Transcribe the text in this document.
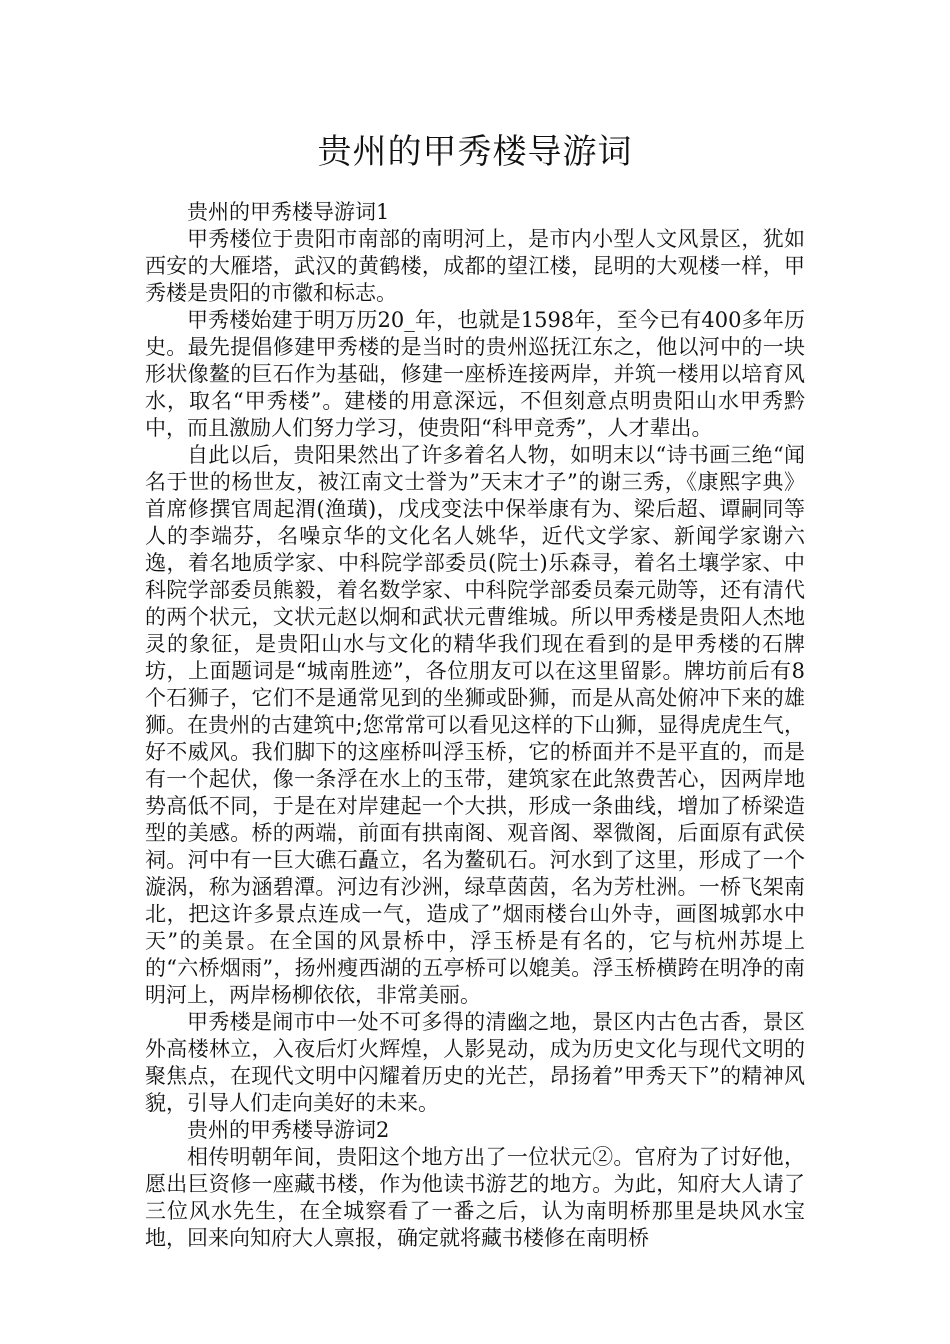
贵州的甲秀楼导游词

贵州的甲秀楼导游词1

甲秀楼位于贵阳市南部的南明河上，是市内小型人文风景区，犹如西安的大雁塔，武汉的黄鹤楼，成都的望江楼，昆明的大观楼一样，甲秀楼是贵阳的市徽和标志。

甲秀楼始建于明万历20_年，也就是1598年，至今已有400多年历史。最先提倡修建甲秀楼的是当时的贵州巡抚江东之，他以河中的一块形状像鳌的巨石作为基础，修建一座桥连接两岸，并筑一楼用以培育风水，取名“甲秀楼”。建楼的用意深远，不但刻意点明贵阳山水甲秀黔中，而且激励人们努力学习，使贵阳“科甲竞秀”，人才辈出。

自此以后，贵阳果然出了许多着名人物，如明末以“诗书画三绝“闻名于世的杨世友，被江南文士誉为”天末才子”的谢三秀，《康熙字典》首席修撰官周起渭(渔璜)，戊戌变法中保举康有为、梁后超、谭嗣同等人的李端芬，名噪京华的文化名人姚华，近代文学家、新闻学家谢六逸，着名地质学家、中科院学部委员(院士)乐森寻，着名土壤学家、中科院学部委员熊毅，着名数学家、中科院学部委员秦元勋等，还有清代的两个状元，文状元赵以炯和武状元曹维城。所以甲秀楼是贵阳人杰地灵的象征，是贵阳山水与文化的精华我们现在看到的是甲秀楼的石牌坊，上面题词是“城南胜迹”，各位朋友可以在这里留影。牌坊前后有8个石狮子，它们不是通常见到的坐狮或卧狮，而是从高处俯冲下来的雄狮。在贵州的古建筑中;您常常可以看见这样的下山狮，显得虎虎生气，好不威风。我们脚下的这座桥叫浮玉桥，它的桥面并不是平直的，而是有一个起伏，像一条浮在水上的玉带，建筑家在此煞费苦心，因两岸地势高低不同，于是在对岸建起一个大拱，形成一条曲线，增加了桥梁造型的美感。桥的两端，前面有拱南阁、观音阁、翠微阁，后面原有武侯祠。河中有一巨大礁石矗立，名为鳌矶石。河水到了这里，形成了一个漩涡，称为涵碧潭。河边有沙洲，绿草茵茵，名为芳杜洲。一桥飞架南北，把这许多景点连成一气，造成了”烟雨楼台山外寺，画图城郭水中天”的美景。在全国的风景桥中，浮玉桥是有名的，它与杭州苏堤上的“六桥烟雨”，扬州瘦西湖的五亭桥可以媲美。浮玉桥横跨在明净的南明河上，两岸杨柳依依，非常美丽。

甲秀楼是闹市中一处不可多得的清幽之地，景区内古色古香，景区外高楼林立，入夜后灯火辉煌，人影晃动，成为历史文化与现代文明的聚焦点，在现代文明中闪耀着历史的光芒，昂扬着”甲秀天下”的精神风貌，引导人们走向美好的未来。

贵州的甲秀楼导游词2

相传明朝年间，贵阳这个地方出了一位状元②。官府为了讨好他，愿出巨资修一座藏书楼，作为他读书游艺的地方。为此，知府大人请了三位风水先生，在全城察看了一番之后，认为南明桥那里是块风水宝地，回来向知府大人禀报，确定就将藏书楼修在南明桥
